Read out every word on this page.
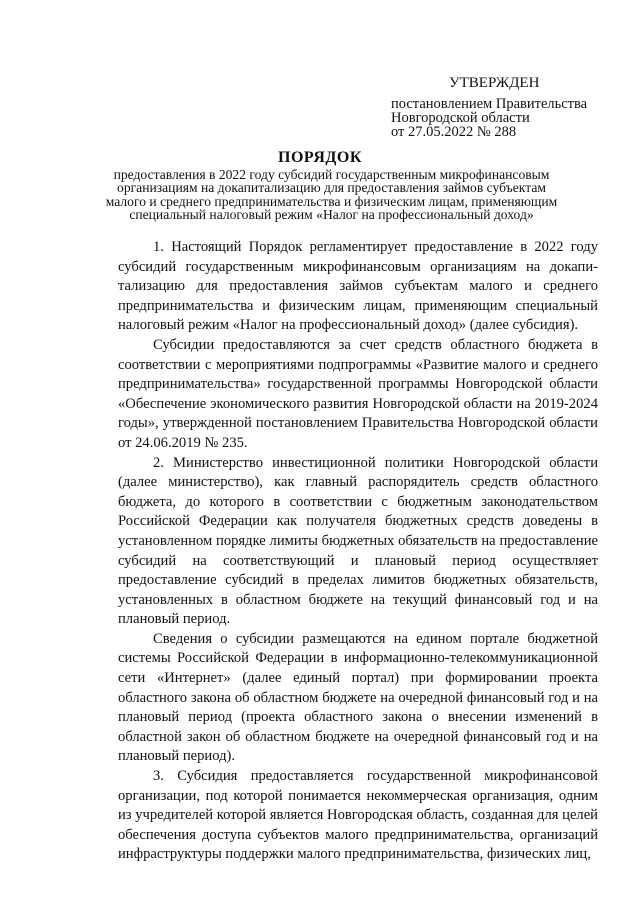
УТВЕРЖДЕН
постановлением Правительства
Новгородской области
от 27.05.2022 № 288
ПОРЯДОК
предоставления в 2022 году субсидий государственным микрофинансовым организациям на докапитализацию для предоставления займов субъектам малого и среднего предпринимательства и физическим лицам, применяющим специальный налоговый режим «Налог на профессиональный доход»

1. Настоящий Порядок регламентирует предоставление в 2022 году субсидий государственным микрофинансовым организациям на докапи-тализацию для предоставления займов субъектам малого и среднего предпринимательства и физическим лицам, применяющим специальный налоговый режим «Налог на профессиональный доход» (далее субсидия).

Субсидии предоставляются за счет средств областного бюджета в соответствии с мероприятиями подпрограммы «Развитие малого и среднего предпринимательства» государственной программы Новгородской области «Обеспечение экономического развития Новгородской области на 2019-2024 годы», утвержденной постановлением Правительства Новгородской области от 24.06.2019 № 235.

2. Министерство инвестиционной политики Новгородской области (далее министерство), как главный распорядитель средств областного бюджета, до которого в соответствии с бюджетным законодательством Российской Федерации как получателя бюджетных средств доведены в установленном порядке лимиты бюджетных обязательств на предоставление субсидий на соответствующий и плановый период осуществляет предоставление субсидий в пределах лимитов бюджетных обязательств, установленных в областном бюджете на текущий финансовый год и на плановый период.

Сведения о субсидии размещаются на едином портале бюджетной системы Российской Федерации в информационно-телекоммуникационной сети «Интернет» (далее единый портал) при формировании проекта областного закона об областном бюджете на очередной финансовый год и на плановый период (проекта областного закона о внесении изменений в областной закон об областном бюджете на очередной финансовый год и на плановый период).

3. Субсидия предоставляется государственной микрофинансовой организации, под которой понимается некоммерческая организация, одним из учредителей которой является Новгородская область, созданная для целей обеспечения доступа субъектов малого предпринимательства, организаций инфраструктуры поддержки малого предпринимательства, физических лиц,
